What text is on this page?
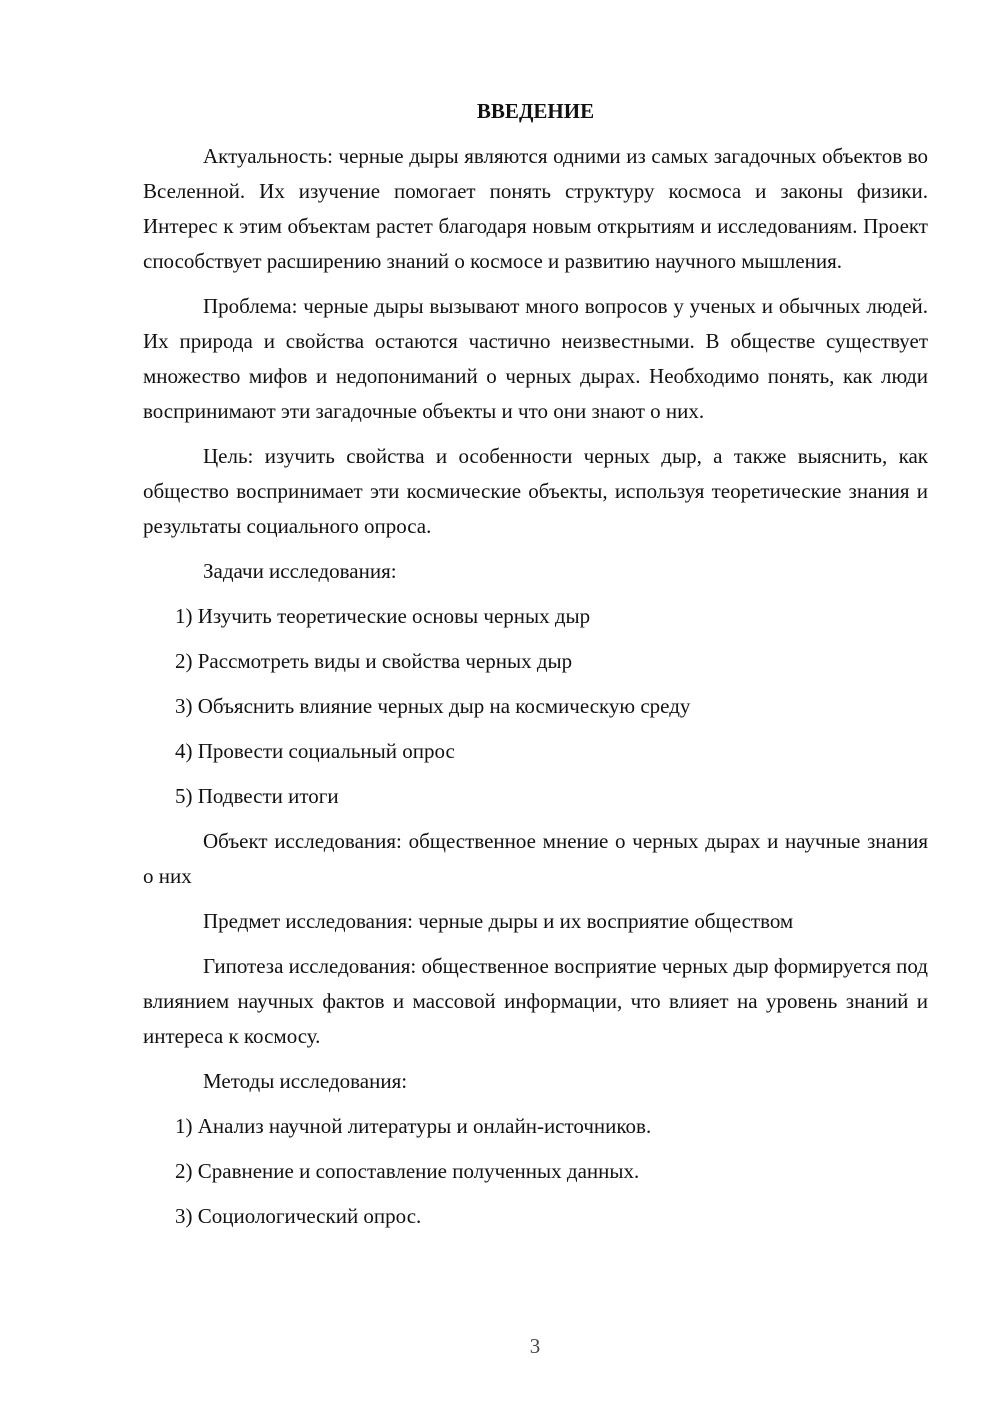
ВВЕДЕНИЕ

Актуальность: черные дыры являются одними из самых загадочных объектов во Вселенной. Их изучение помогает понять структуру космоса и законы физики. Интерес к этим объектам растет благодаря новым открытиям и исследованиям. Проект способствует расширению знаний о космосе и развитию научного мышления.

Проблема: черные дыры вызывают много вопросов у ученых и обычных людей. Их природа и свойства остаются частично неизвестными. В обществе существует множество мифов и недопониманий о черных дырах. Необходимо понять, как люди воспринимают эти загадочные объекты и что они знают о них.

Цель: изучить свойства и особенности черных дыр, а также выяснить, как общество воспринимает эти космические объекты, используя теоретические знания и результаты социального опроса.

Задачи исследования:

1) Изучить теоретические основы черных дыр
2) Рассмотреть виды и свойства черных дыр
3) Объяснить влияние черных дыр на космическую среду
4) Провести социальный опрос
5) Подвести итоги

Объект исследования: общественное мнение о черных дырах и научные знания о них

Предмет исследования: черные дыры и их восприятие обществом

Гипотеза исследования: общественное восприятие черных дыр формируется под влиянием научных фактов и массовой информации, что влияет на уровень знаний и интереса к космосу.

Методы исследования:

1) Анализ научной литературы и онлайн-источников.
2) Сравнение и сопоставление полученных данных.
3) Социологический опрос.
3
